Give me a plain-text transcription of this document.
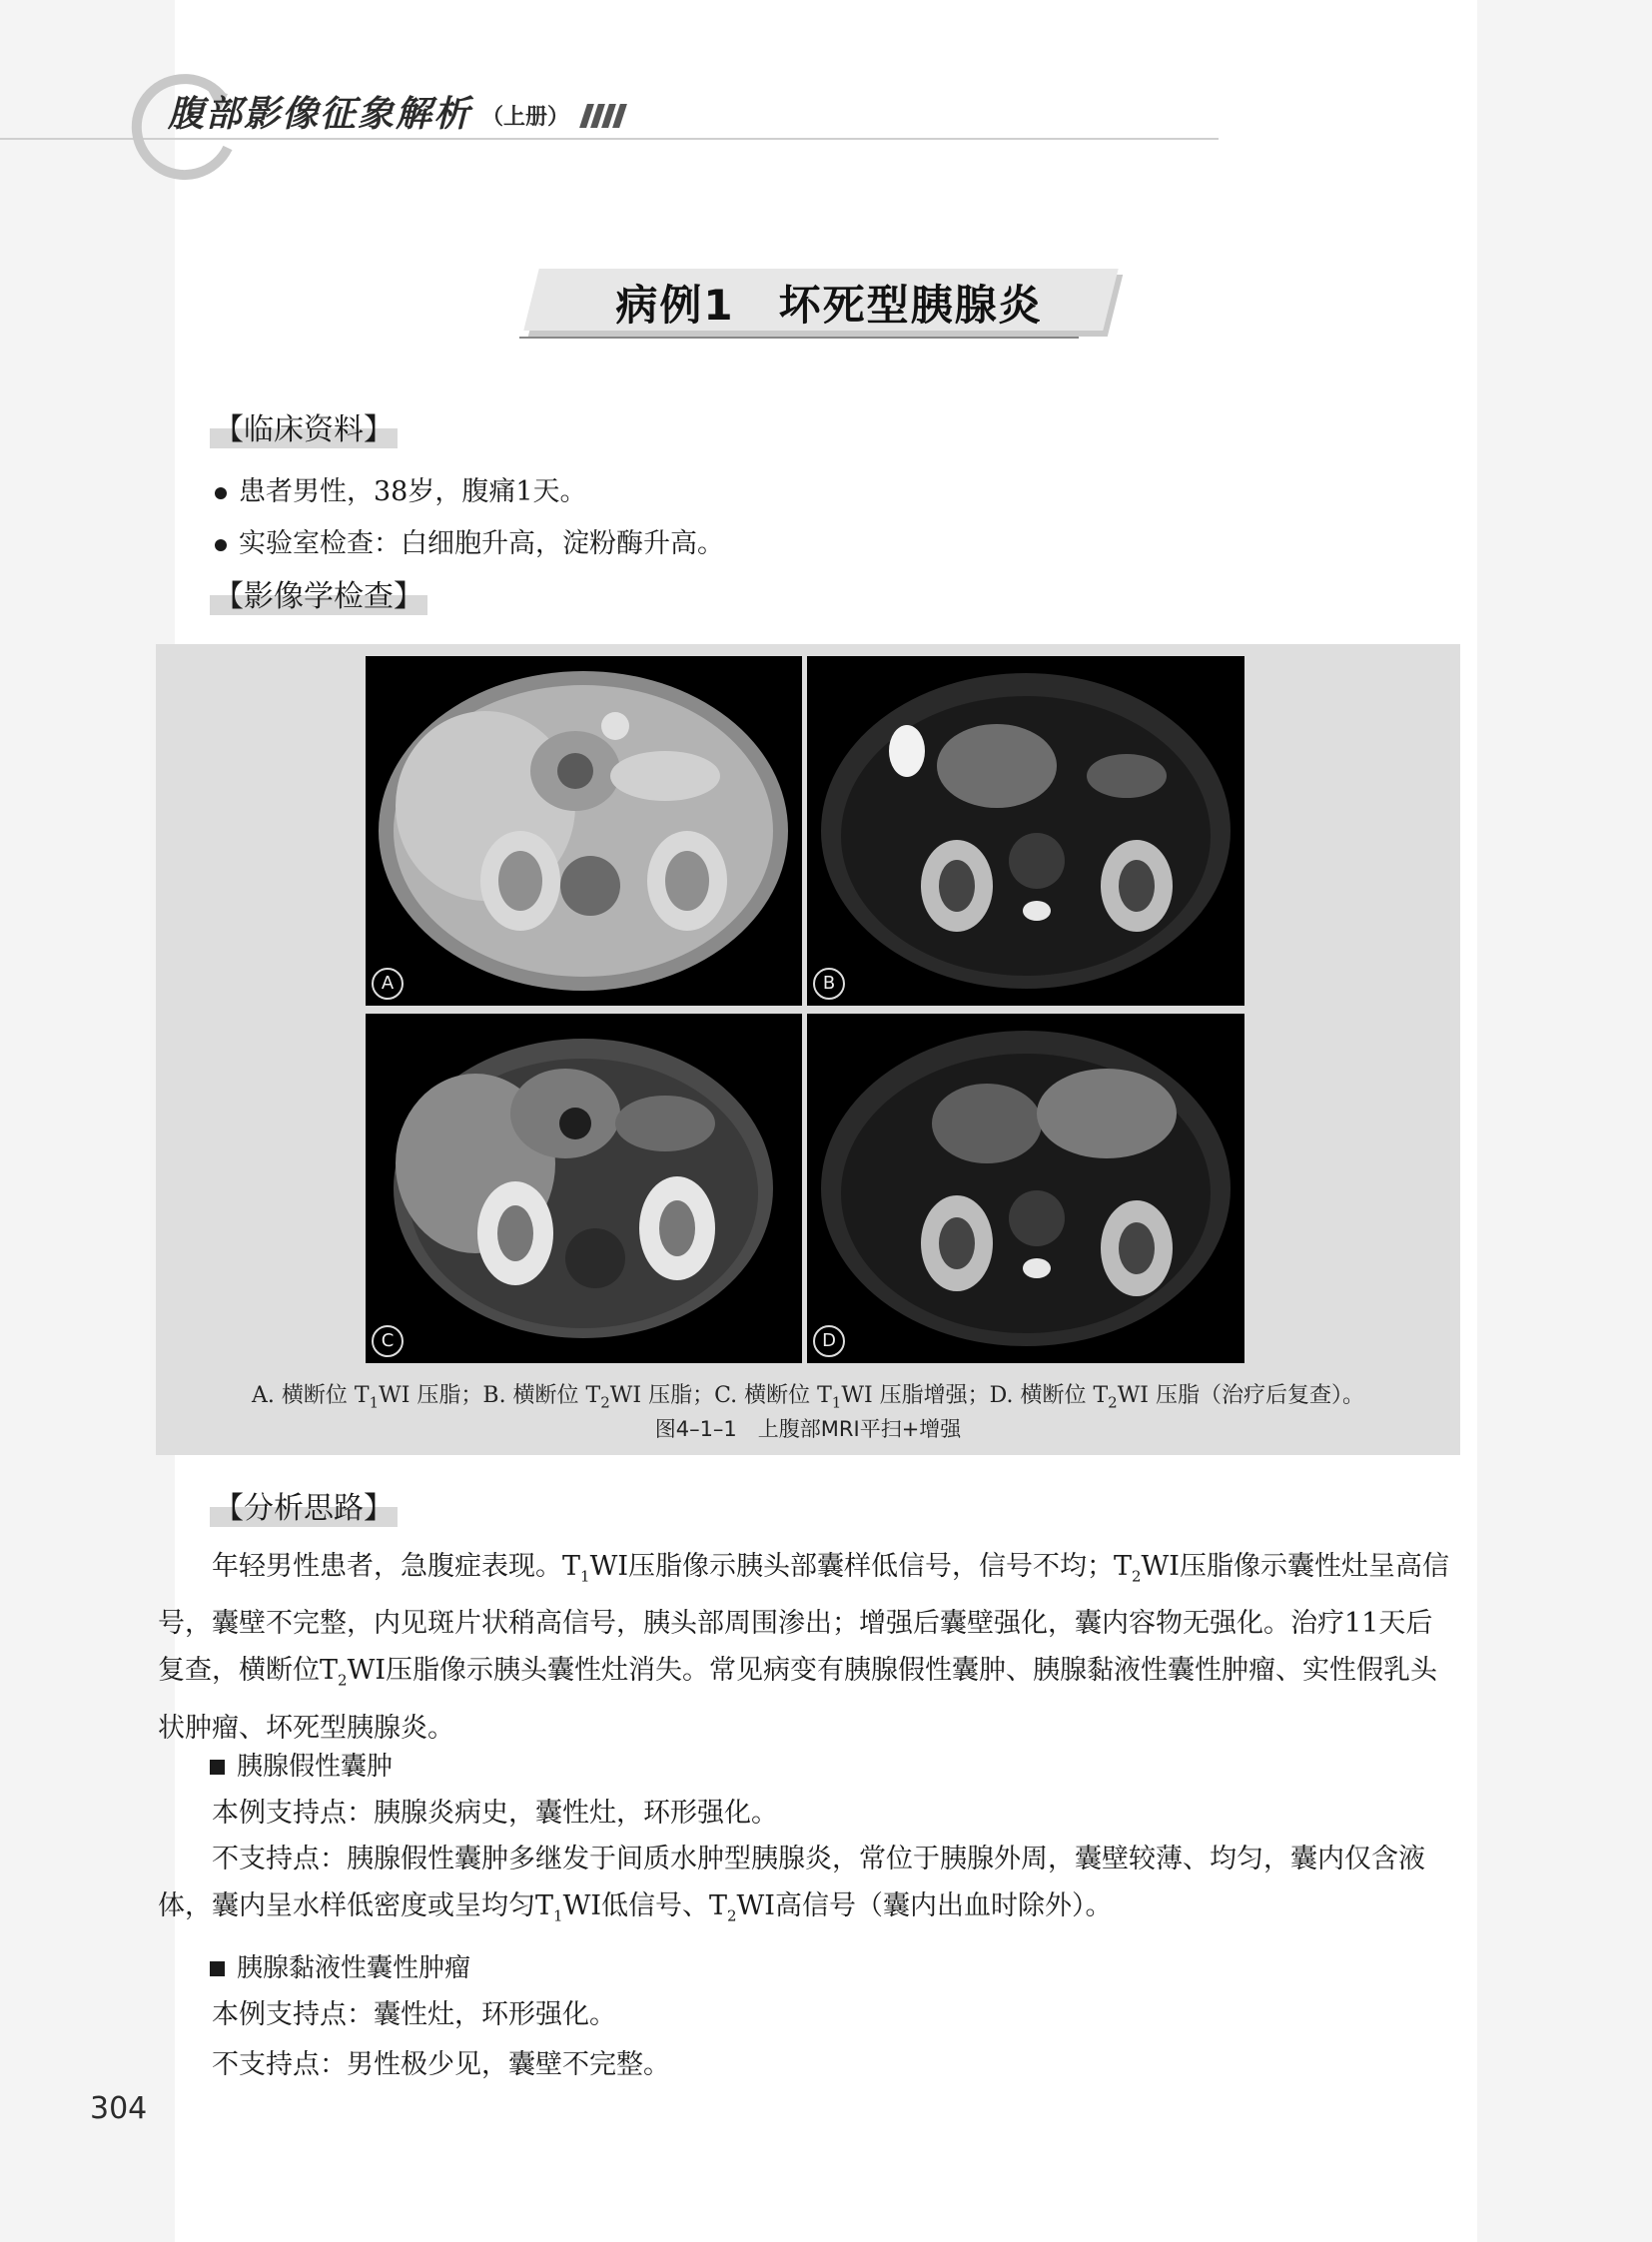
腹部影像征象解析 （上册）
病例1　坏死型胰腺炎
【临床资料】
患者男性，38岁，腹痛1天。
实验室检查：白细胞升高，淀粉酶升高。
【影像学检查】
A	B
C	D
A. 横断位 $T_1WI$ 压脂；B. 横断位 $T_2WI$ 压脂；C. 横断位 $T_1WI$ 压脂增强；D. 横断位 $T_2WI$ 压脂（治疗后复查）。
图4–1–1　上腹部MRI平扫+增强
【分析思路】
年轻男性患者，急腹症表现。$T_1WI$压脂像示胰头部囊样低信号，信号不均；$T_2WI$压脂像示囊性灶呈高信号，囊壁不完整，内见斑片状稍高信号，胰头部周围渗出；增强后囊壁强化，囊内容物无强化。治疗11天后复查，横断位$T_2WI$压脂像示胰头囊性灶消失。常见病变有胰腺假性囊肿、胰腺黏液性囊性肿瘤、实性假乳头状肿瘤、坏死型胰腺炎。
胰腺假性囊肿
本例支持点：胰腺炎病史，囊性灶，环形强化。
不支持点：胰腺假性囊肿多继发于间质水肿型胰腺炎，常位于胰腺外周，囊壁较薄、均匀，囊内仅含液体，囊内呈水样低密度或呈均匀$T_1WI$低信号、$T_2WI$高信号（囊内出血时除外）。
胰腺黏液性囊性肿瘤
本例支持点：囊性灶，环形强化。
不支持点：男性极少见，囊壁不完整。
304
